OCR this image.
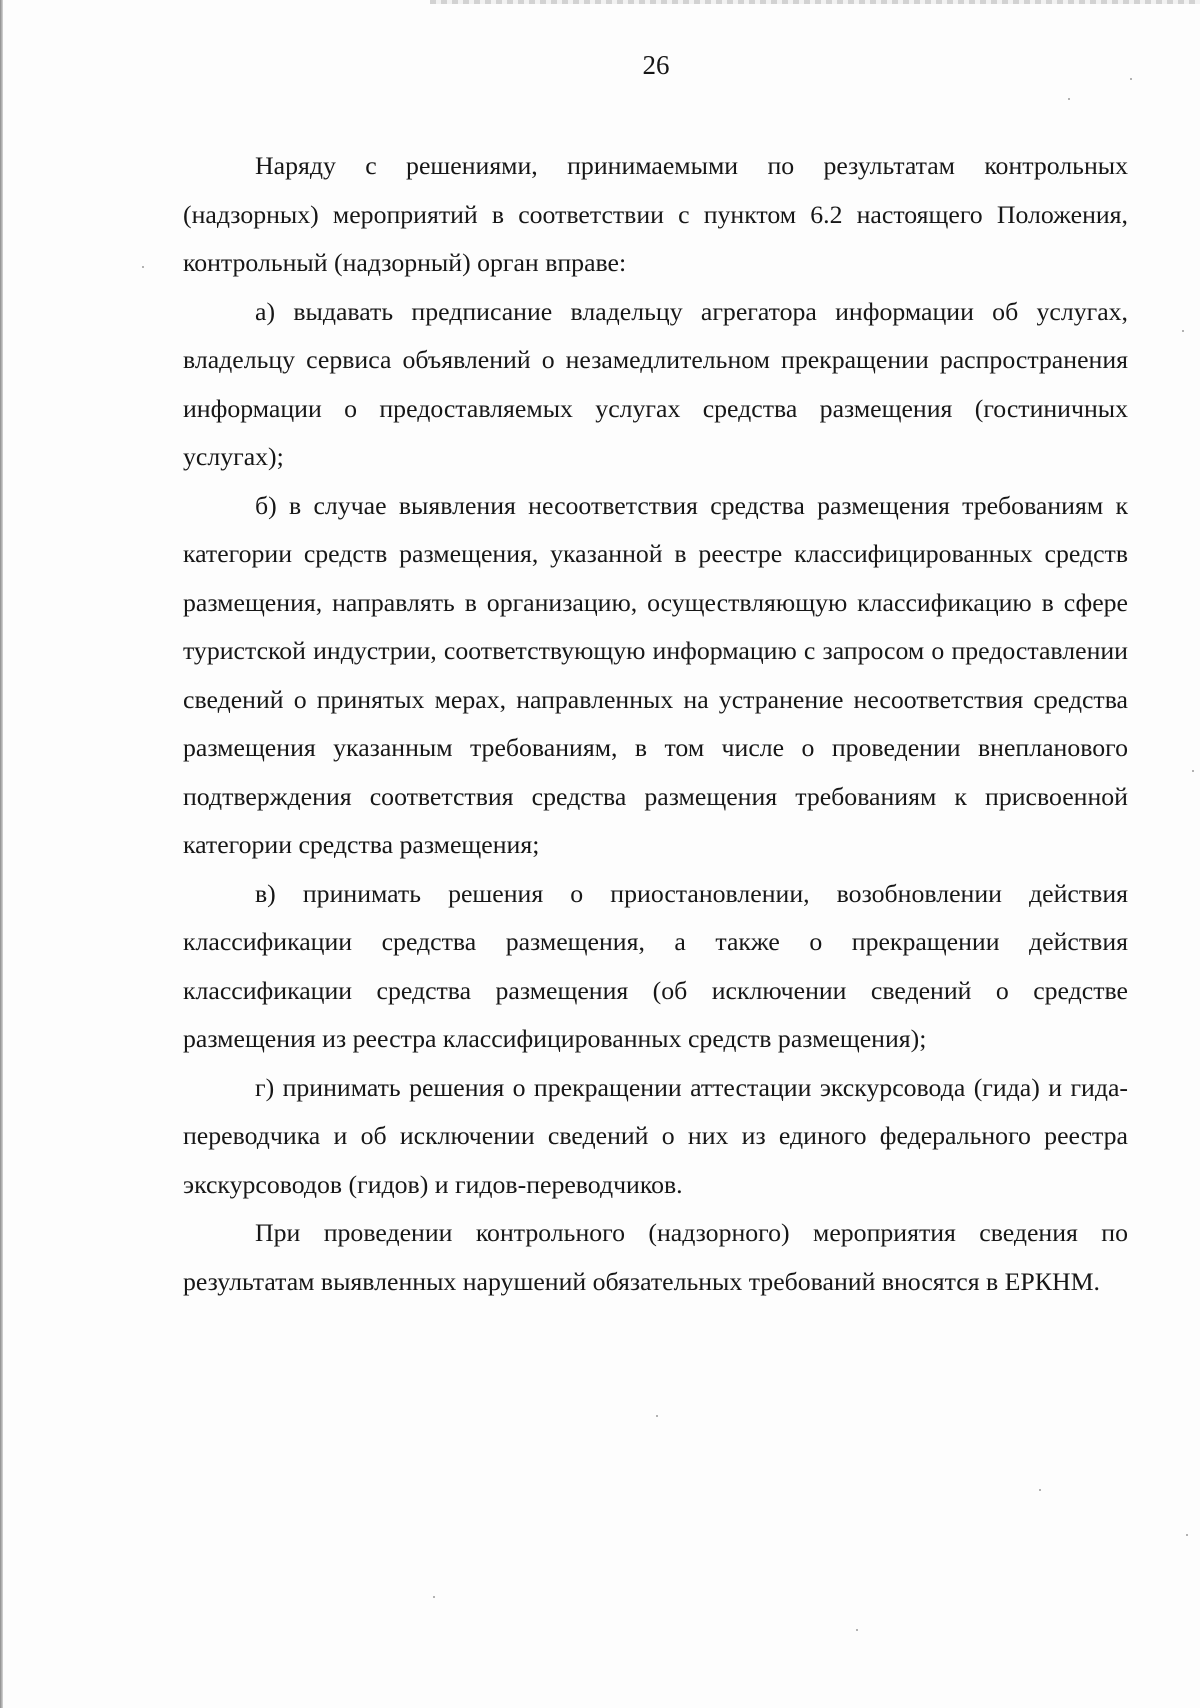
26

Наряду с решениями, принимаемыми по результатам контрольных (надзорных) мероприятий в соответствии с пунктом 6.2 настоящего Положения, контрольный (надзорный) орган вправе:

а) выдавать предписание владельцу агрегатора информации об услугах, владельцу сервиса объявлений о незамедлительном прекращении распространения информации о предоставляемых услугах средства размещения (гостиничных услугах);

б) в случае выявления несоответствия средства размещения требованиям к категории средств размещения, указанной в реестре классифицированных средств размещения, направлять в организацию, осуществляющую классификацию в сфере туристской индустрии, соответствующую информацию с запросом о предоставлении сведений о принятых мерах, направленных на устранение несоответствия средства размещения указанным требованиям, в том числе о проведении внепланового подтверждения соответствия средства размещения требованиям к присвоенной категории средства размещения;

в) принимать решения о приостановлении, возобновлении действия классификации средства размещения, а также о прекращении действия классификации средства размещения (об исключении сведений о средстве размещения из реестра классифицированных средств размещения);

г) принимать решения о прекращении аттестации экскурсовода (гида) и гида-переводчика и об исключении сведений о них из единого федерального реестра экскурсоводов (гидов) и гидов-переводчиков.

При проведении контрольного (надзорного) мероприятия сведения по результатам выявленных нарушений обязательных требований вносятся в ЕРКНМ.
